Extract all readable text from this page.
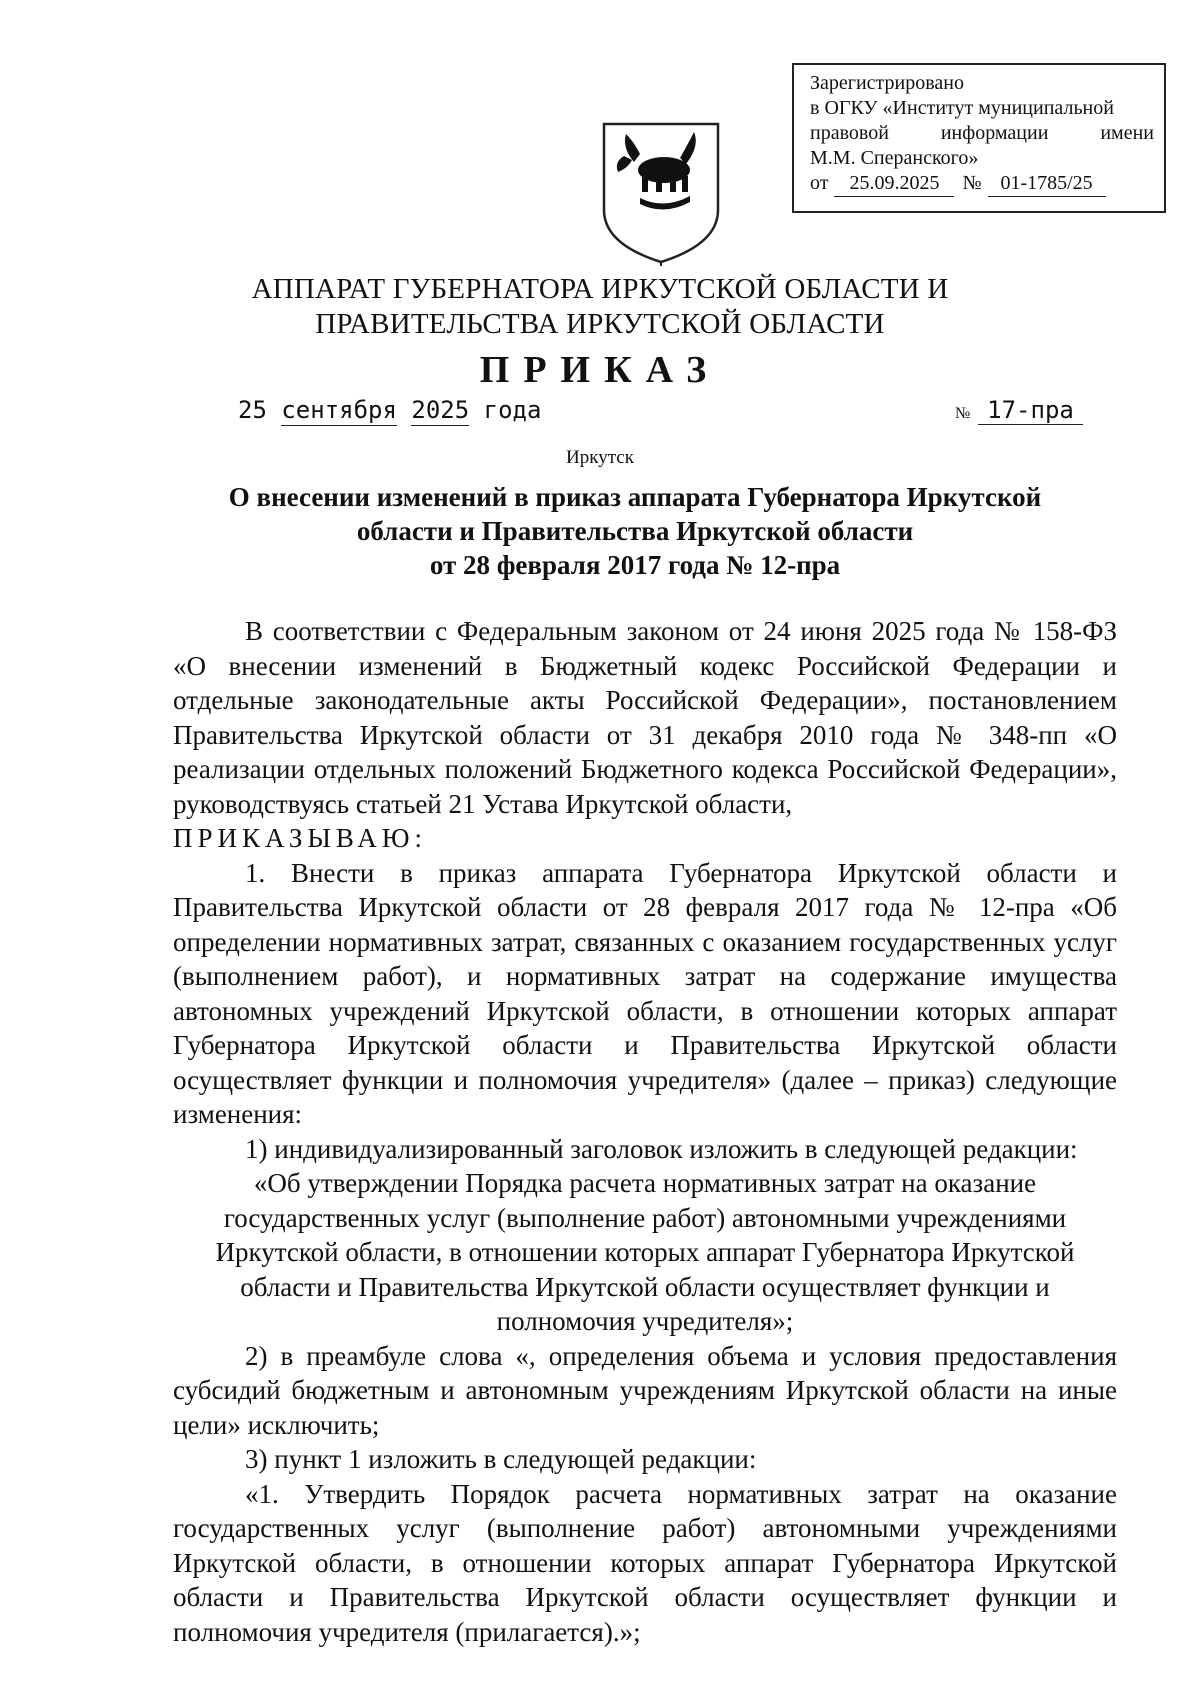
Зарегистрировано
в ОГКУ «Институт муниципальной
правовой информации имени
М.М. Сперанского»
от	25.09.2025	№ 01-1785/25
АППАРАТ ГУБЕРНАТОРА ИРКУТСКОЙ ОБЛАСТИ И
ПРАВИТЕЛЬСТВА ИРКУТСКОЙ ОБЛАСТИ
ПРИКАЗ
25 сентября 2025 года	№ 17-пра
Иркутск
О внесении изменений в приказ аппарата Губернатора Иркутской
области и Правительства Иркутской области
от 28 февраля 2017 года № 12-пра

В соответствии с Федеральным законом от 24 июня 2025 года № 158-ФЗ «О внесении изменений в Бюджетный кодекс Российской Федерации и отдельные законодательные акты Российской Федерации», постановлением Правительства Иркутской области от 31 декабря 2010 года № 348-пп «О реализации отдельных положений Бюджетного кодекса Российской Федерации», руководствуясь статьей 21 Устава Иркутской области,

ПРИКАЗЫВАЮ:

1. Внести в приказ аппарата Губернатора Иркутской области и Правительства Иркутской области от 28 февраля 2017 года № 12-пра «Об определении нормативных затрат, связанных с оказанием государственных услуг (выполнением работ), и нормативных затрат на содержание имущества автономных учреждений Иркутской области, в отношении которых аппарат Губернатора Иркутской области и Правительства Иркутской области осуществляет функции и полномочия учредителя» (далее – приказ) следующие изменения:

1) индивидуализированный заголовок изложить в следующей редакции:

«Об утверждении Порядка расчета нормативных затрат на оказание государственных услуг (выполнение работ) автономными учреждениями Иркутской области, в отношении которых аппарат Губернатора Иркутской области и Правительства Иркутской области осуществляет функции и полномочия учредителя»;

2) в преамбуле слова «, определения объема и условия предоставления субсидий бюджетным и автономным учреждениям Иркутской области на иные цели» исключить;

3) пункт 1 изложить в следующей редакции:

«1. Утвердить Порядок расчета нормативных затрат на оказание государственных услуг (выполнение работ) автономными учреждениями Иркутской области, в отношении которых аппарат Губернатора Иркутской области и Правительства Иркутской области осуществляет функции и полномочия учредителя (прилагается).»;
